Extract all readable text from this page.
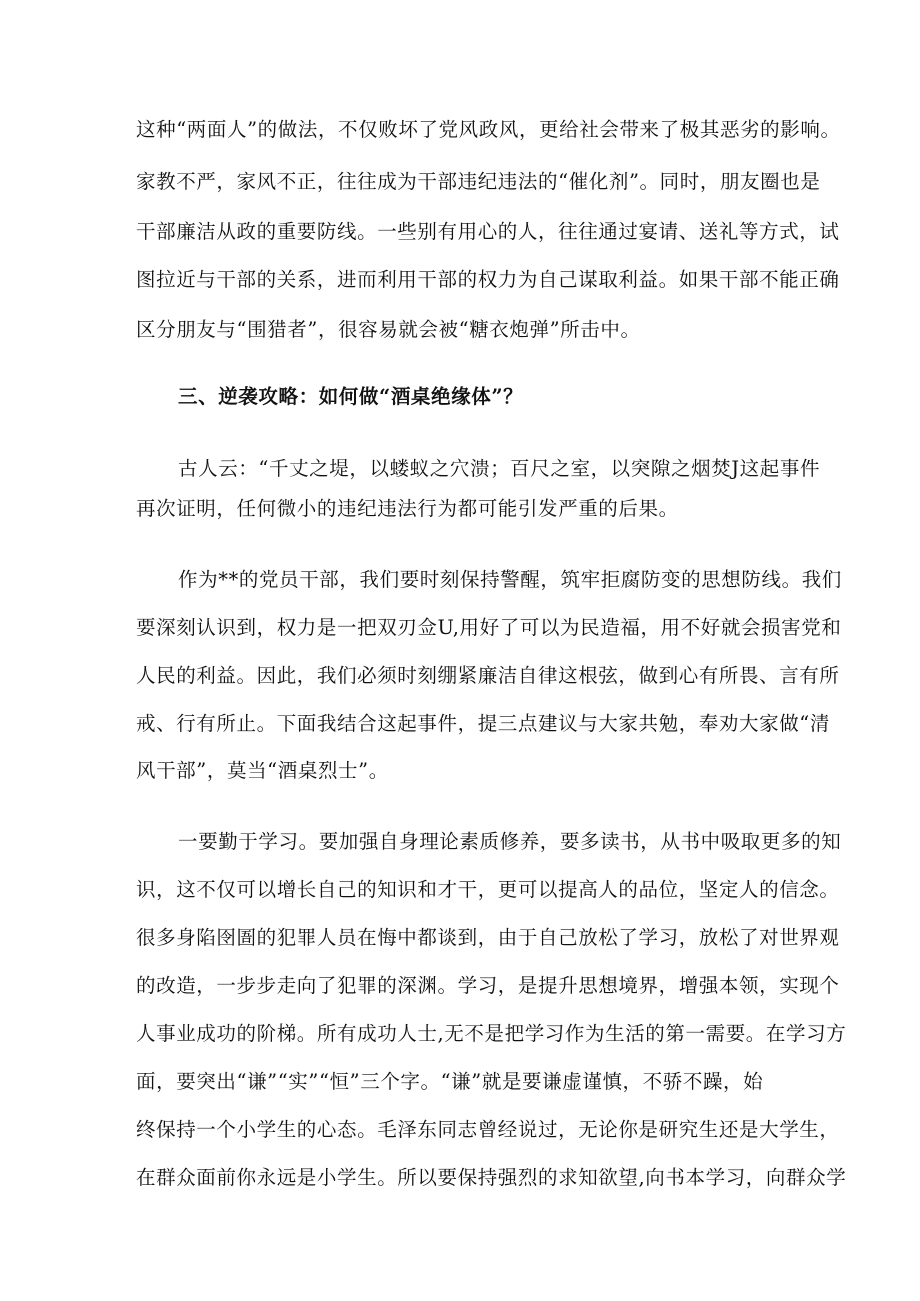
这种“两面人”的做法，不仅败坏了党风政风，更给社会带来了极其恶劣的影响。
家教不严，家风不正，往往成为干部违纪违法的“催化剂”。同时，朋友圈也是
干部廉洁从政的重要防线。一些别有用心的人，往往通过宴请、送礼等方式，试
图拉近与干部的关系，进而利用干部的权力为自己谋取利益。如果干部不能正确
区分朋友与“围猎者”，很容易就会被“糖衣炮弹”所击中。
三、逆袭攻略：如何做“酒桌绝缘体”？
古人云：“千丈之堤，以蝼蚁之穴溃；百尺之室，以突隙之烟焚J这起事件
再次证明，任何微小的违纪违法行为都可能引发严重的后果。
作为**的党员干部，我们要时刻保持警醒，筑牢拒腐防变的思想防线。我们
要深刻认识到，权力是一把双刃佥U,用好了可以为民造福，用不好就会损害党和
人民的利益。因此，我们必须时刻绷紧廉洁自律这根弦，做到心有所畏、言有所
戒、行有所止。下面我结合这起事件，提三点建议与大家共勉，奉劝大家做“清
风干部”，莫当“酒桌烈士”。
一要勤于学习。要加强自身理论素质修养，要多读书，从书中吸取更多的知
识，这不仅可以增长自己的知识和才干，更可以提高人的品位，坚定人的信念。
很多身陷囹圄的犯罪人员在悔中都谈到，由于自己放松了学习，放松了对世界观
的改造，一步步走向了犯罪的深渊。学习，是提升思想境界，增强本领，实现个
人事业成功的阶梯。所有成功人士,无不是把学习作为生活的第一需要。在学习方
面，要突出“谦”“实”“恒”三个字。“谦”就是要谦虚谨慎，不骄不躁，始
终保持一个小学生的心态。毛泽东同志曾经说过，无论你是研究生还是大学生，
在群众面前你永远是小学生。所以要保持强烈的求知欲望,向书本学习，向群众学
